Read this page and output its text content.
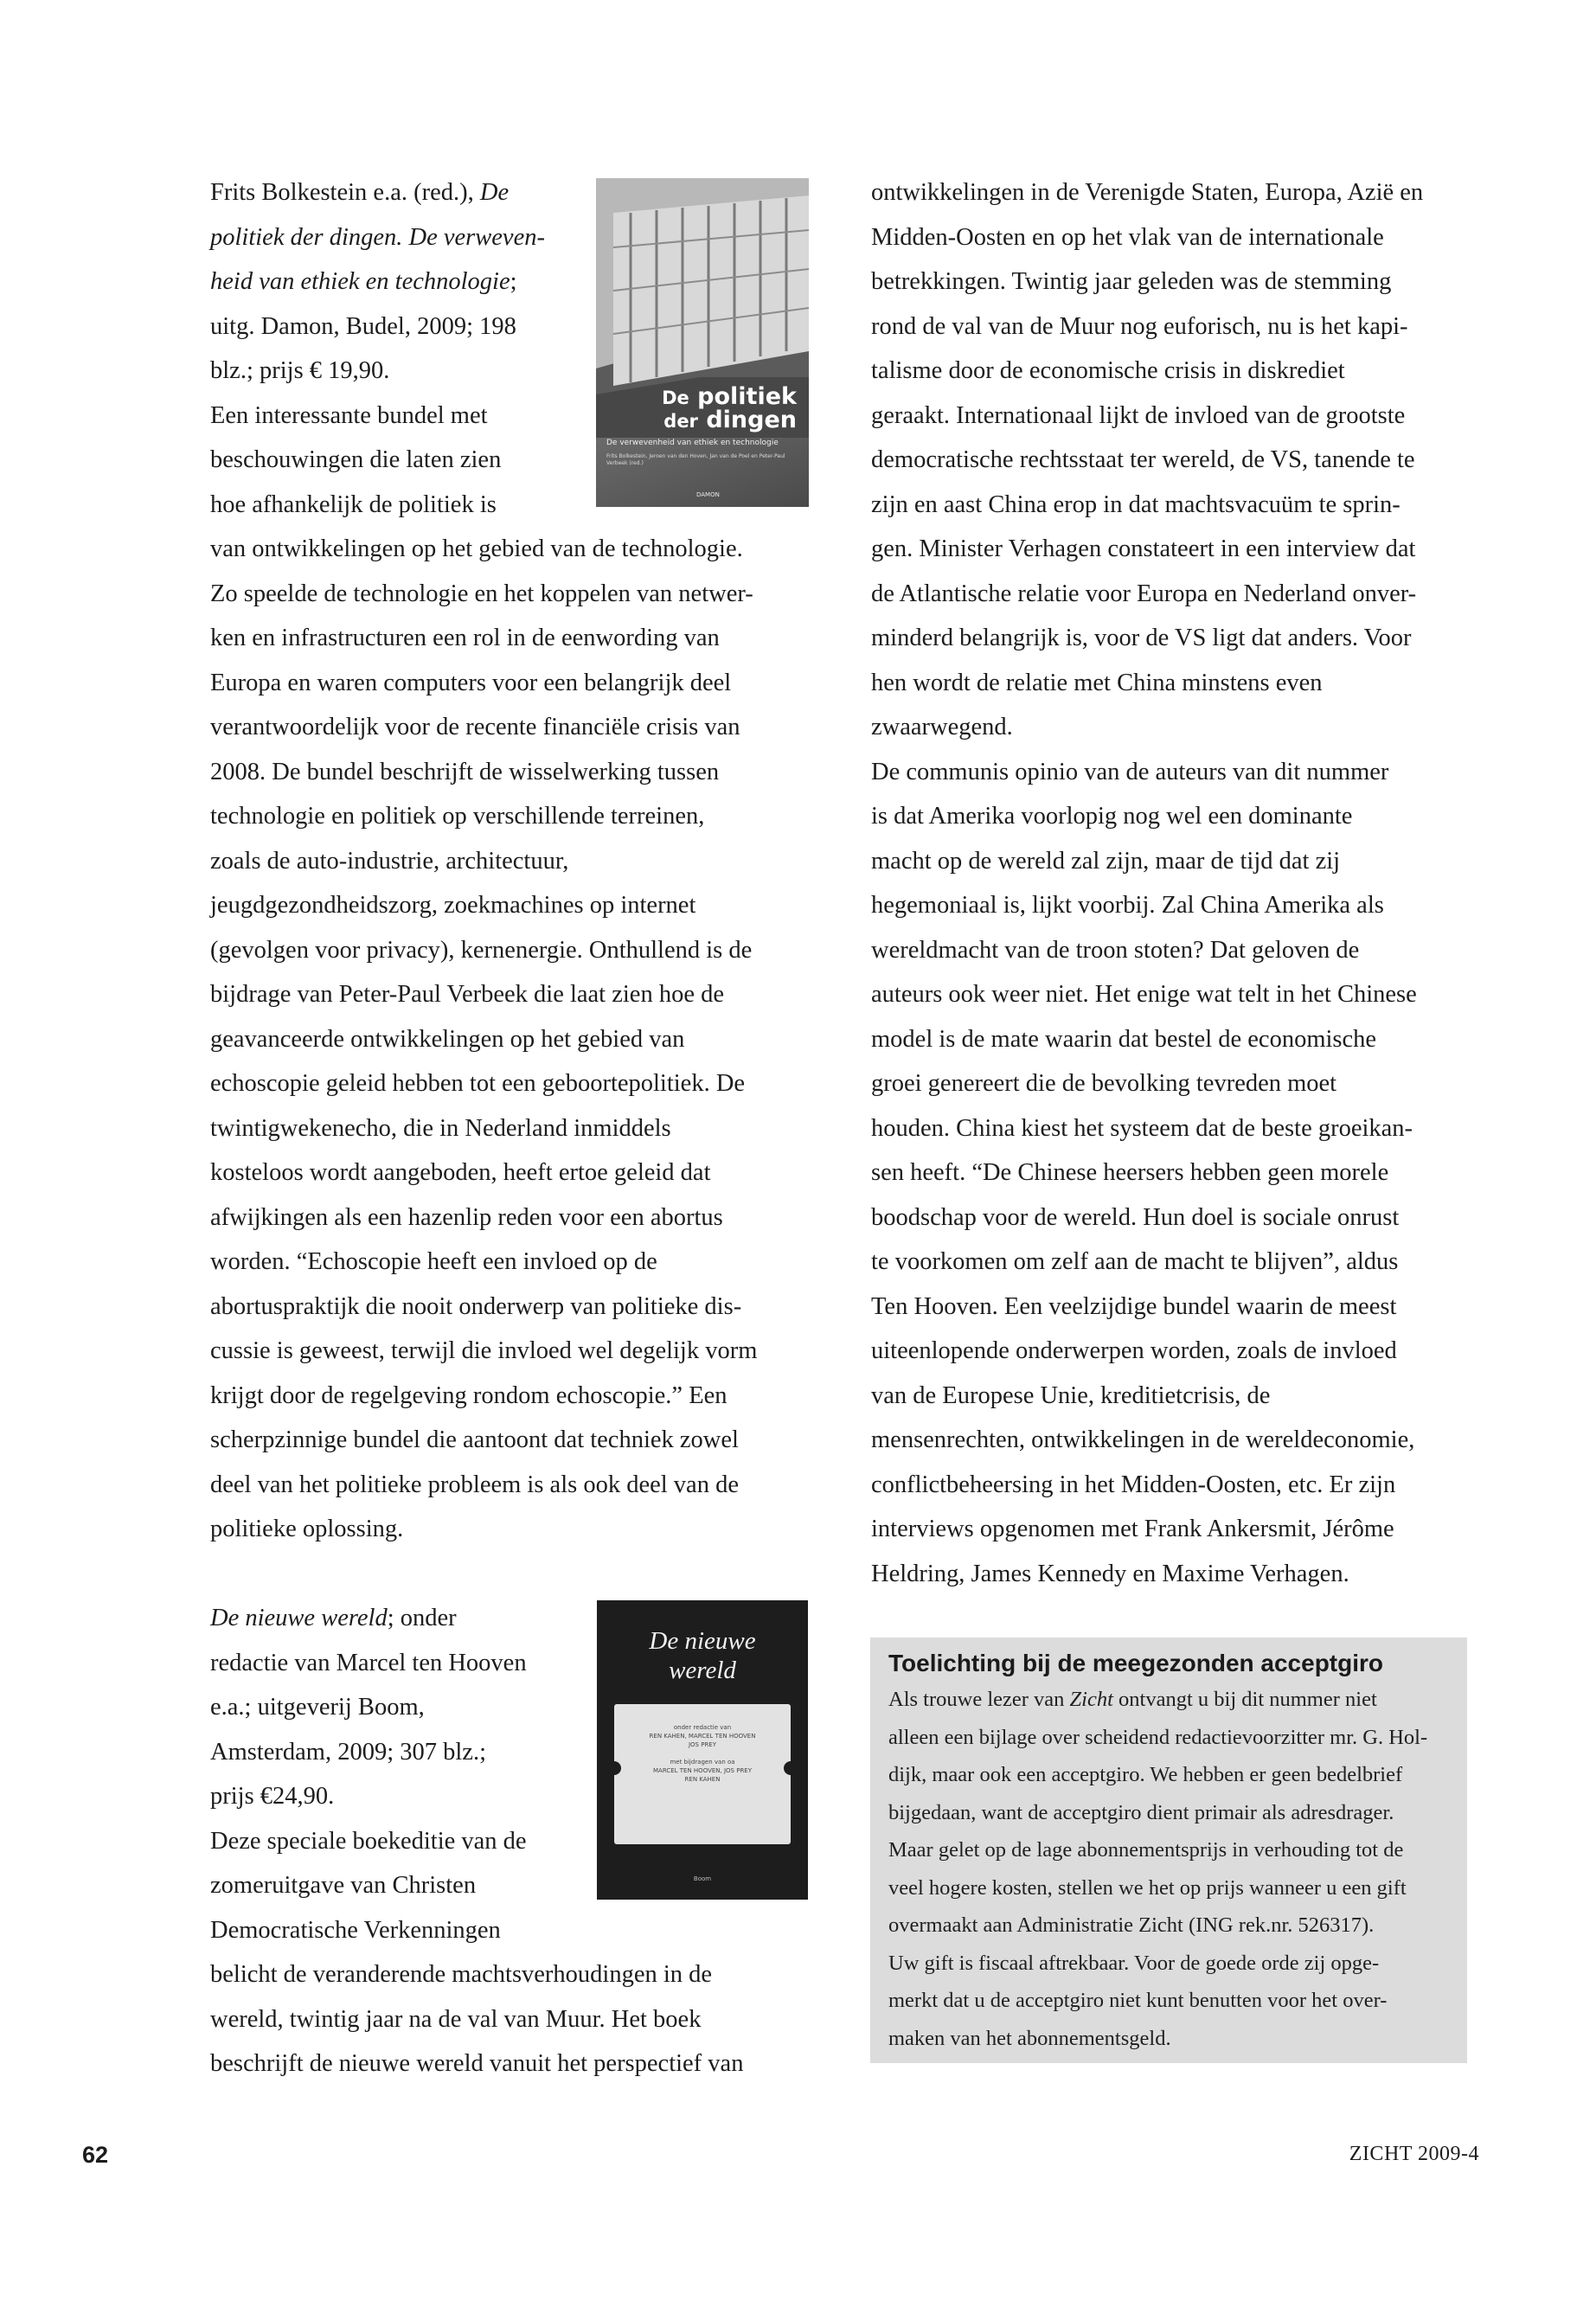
Frits Bolkestein e.a. (red.), De
politiek der dingen. De verweven-
heid van ethiek en technologie;
uitg. Damon, Budel, 2009; 198
blz.; prijs € 19,90.
Een interessante bundel met
beschouwingen die laten zien
hoe afhankelijk de politiek is
van ontwikkelingen op het gebied van de technologie.
Zo speelde de technologie en het koppelen van netwer-
ken en infrastructuren een rol in de eenwording van
Europa en waren computers voor een belangrijk deel
verantwoordelijk voor de recente financiële crisis van
2008. De bundel beschrijft de wisselwerking tussen
technologie en politiek op verschillende terreinen,
zoals de auto-industrie, architectuur,
jeugdgezondheidszorg, zoekmachines op internet
(gevolgen voor privacy), kernenergie. Onthullend is de
bijdrage van Peter-Paul Verbeek die laat zien hoe de
geavanceerde ontwikkelingen op het gebied van
echoscopie geleid hebben tot een geboortepolitiek. De
twintigwekenecho, die in Nederland inmiddels
kosteloos wordt aangeboden, heeft ertoe geleid dat
afwijkingen als een hazenlip reden voor een abortus
worden. “Echoscopie heeft een invloed op de
abortuspraktijk die nooit onderwerp van politieke dis-
cussie is geweest, terwijl die invloed wel degelijk vorm
krijgt door de regelgeving rondom echoscopie.” Een
scherpzinnige bundel die aantoont dat techniek zowel
deel van het politieke probleem is als ook deel van de
politieke oplossing.
De nieuwe wereld; onder
redactie van Marcel ten Hooven
e.a.; uitgeverij Boom,
Amsterdam, 2009; 307 blz.;
prijs €24,90.
Deze speciale boekeditie van de
zomeruitgave van Christen
Democratische Verkenningen
belicht de veranderende machtsverhoudingen in de
wereld, twintig jaar na de val van Muur. Het boek
beschrijft de nieuwe wereld vanuit het perspectief van
De politiek
der dingen
De verwevenheid van ethiek en technologie
Frits Bolkestein, Jeroen van den Hoven, Jan van de Poel en Peter-Paul Verbeek (red.)
DAMON
De nieuwe
wereld
onder redactie van
REN KAHEN, MARCEL TEN HOOVEN
JOS PREY
met bijdragen van oa
MARCEL TEN HOOVEN, JOS PREY
REN KAHEN
Boom
ontwikkelingen in de Verenigde Staten, Europa, Azië en
Midden-Oosten en op het vlak van de internationale
betrekkingen. Twintig jaar geleden was de stemming
rond de val van de Muur nog euforisch, nu is het kapi-
talisme door de economische crisis in diskrediet
geraakt. Internationaal lijkt de invloed van de grootste
democratische rechtsstaat ter wereld, de VS, tanende te
zijn en aast China erop in dat machtsvacuüm te sprin-
gen. Minister Verhagen constateert in een interview dat
de Atlantische relatie voor Europa en Nederland onver-
minderd belangrijk is, voor de VS ligt dat anders. Voor
hen wordt de relatie met China minstens even
zwaarwegend.
De communis opinio van de auteurs van dit nummer
is dat Amerika voorlopig nog wel een dominante
macht op de wereld zal zijn, maar de tijd dat zij
hegemoniaal is, lijkt voorbij. Zal China Amerika als
wereldmacht van de troon stoten? Dat geloven de
auteurs ook weer niet. Het enige wat telt in het Chinese
model is de mate waarin dat bestel de economische
groei genereert die de bevolking tevreden moet
houden. China kiest het systeem dat de beste groeikan-
sen heeft. “De Chinese heersers hebben geen morele
boodschap voor de wereld. Hun doel is sociale onrust
te voorkomen om zelf aan de macht te blijven”, aldus
Ten Hooven. Een veelzijdige bundel waarin de meest
uiteenlopende onderwerpen worden, zoals de invloed
van de Europese Unie, kreditietcrisis, de
mensenrechten, ontwikkelingen in de wereldeconomie,
conflictbeheersing in het Midden-Oosten, etc. Er zijn
interviews opgenomen met Frank Ankersmit, Jérôme
Heldring, James Kennedy en Maxime Verhagen.
Toelichting bij de meegezonden acceptgiro
Als trouwe lezer van Zicht ontvangt u bij dit nummer niet
alleen een bijlage over scheidend redactievoorzitter mr. G. Hol-
dijk, maar ook een acceptgiro. We hebben er geen bedelbrief
bijgedaan, want de acceptgiro dient primair als adresdrager.
Maar gelet op de lage abonnementsprijs in verhouding tot de
veel hogere kosten, stellen we het op prijs wanneer u een gift
overmaakt aan Administratie Zicht (ING rek.nr. 526317).
Uw gift is fiscaal aftrekbaar. Voor de goede orde zij opge-
merkt dat u de acceptgiro niet kunt benutten voor het over-
maken van het abonnementsgeld.
62	ZICHT 2009-4
